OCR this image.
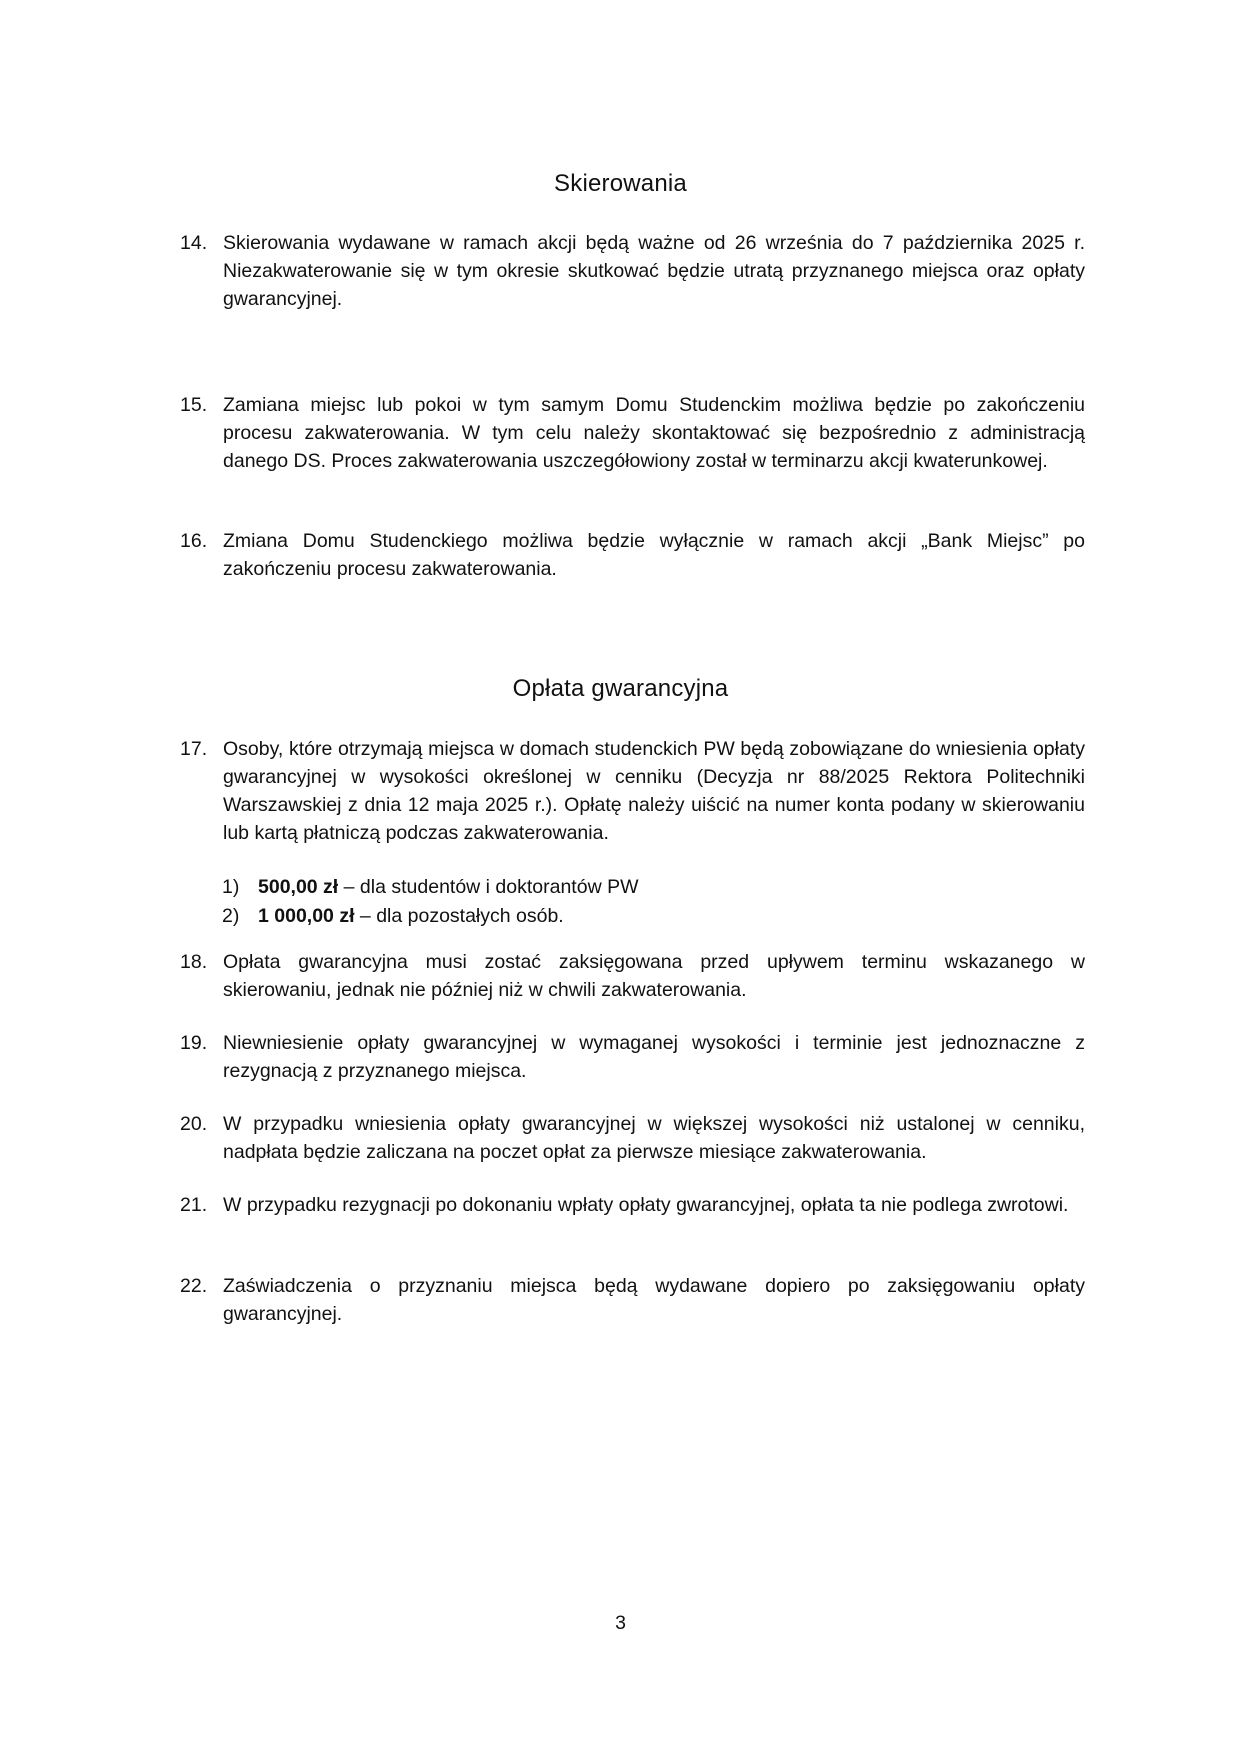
Skierowania
14. Skierowania wydawane w ramach akcji będą ważne od 26 września do 7 października 2025 r. Niezakwaterowanie się w tym okresie skutkować będzie utratą przyznanego miejsca oraz opłaty gwarancyjnej.
15. Zamiana miejsc lub pokoi w tym samym Domu Studenckim możliwa będzie po zakończeniu procesu zakwaterowania. W tym celu należy skontaktować się bezpośrednio z administracją danego DS. Proces zakwaterowania uszczegółowiony został w terminarzu akcji kwaterunkowej.
16. Zmiana Domu Studenckiego możliwa będzie wyłącznie w ramach akcji „Bank Miejsc” po zakończeniu procesu zakwaterowania.
Opłata gwarancyjna
17. Osoby, które otrzymają miejsca w domach studenckich PW będą zobowiązane do wniesienia opłaty gwarancyjnej w wysokości określonej w cenniku (Decyzja nr 88/2025 Rektora Politechniki Warszawskiej z dnia 12 maja 2025 r.). Opłatę należy uiścić na numer konta podany w skierowaniu lub kartą płatniczą podczas zakwaterowania.
1) 500,00 zł – dla studentów i doktorantów PW
2) 1 000,00 zł – dla pozostałych osób.
18. Opłata gwarancyjna musi zostać zaksięgowana przed upływem terminu wskazanego w skierowaniu, jednak nie później niż w chwili zakwaterowania.
19. Niewniesienie opłaty gwarancyjnej w wymaganej wysokości i terminie jest jednoznaczne z rezygnacją z przyznanego miejsca.
20. W przypadku wniesienia opłaty gwarancyjnej w większej wysokości niż ustalonej w cenniku, nadpłata będzie zaliczana na poczet opłat za pierwsze miesiące zakwaterowania.
21. W przypadku rezygnacji po dokonaniu wpłaty opłaty gwarancyjnej, opłata ta nie podlega zwrotowi.
22. Zaświadczenia o przyznaniu miejsca będą wydawane dopiero po zaksięgowaniu opłaty gwarancyjnej.
3
